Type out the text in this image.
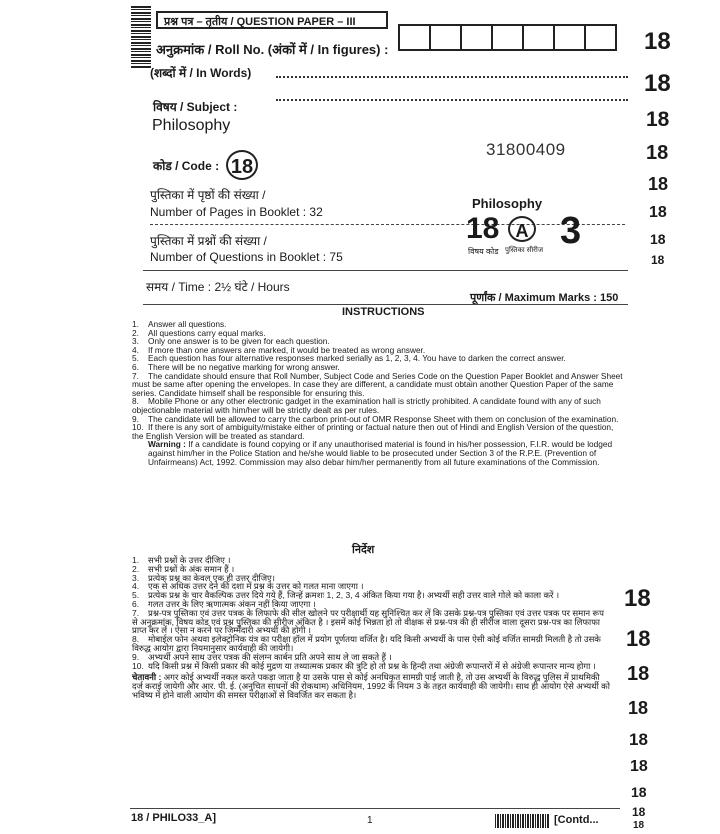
प्रश्न पत्र – तृतीय / QUESTION PAPER – III
अनुक्रमांक / Roll No. (अंकों में / In figures) :
(शब्दों में / In Words)
विषय / Subject :
Philosophy
31800409
कोड / Code : 18
पुस्तिका में पृष्ठों की संख्या /
Number of Pages in Booklet : 32
पुस्तिका में प्रश्नों की संख्या /
Number of Questions in Booklet : 75
Philosophy
18 A 3
विषय कोड पुस्तिका सीरीज
समय / Time : 2½ घंटे / Hours
पूर्णांक / Maximum Marks : 150
INSTRUCTIONS

1. Answer all questions.

2. All questions carry equal marks.

3. Only one answer is to be given for each question.

4. If more than one answers are marked, it would be treated as wrong answer.

5. Each question has four alternative responses marked serially as 1, 2, 3, 4. You have to darken the correct answer.

6. There will be no negative marking for wrong answer.

7. The candidate should ensure that Roll Number, Subject Code and Series Code on the Question Paper Booklet and Answer Sheet must be same after opening the envelopes. In case they are different, a candidate must obtain another Question Paper of the same series. Candidate himself shall be responsible for ensuring this.

8. Mobile Phone or any other electronic gadget in the examination hall is strictly prohibited. A candidate found with any of such objectionable material with him/her will be strictly dealt as per rules.

9. The candidate will be allowed to carry the carbon print-out of OMR Response Sheet with them on conclusion of the examination.

10. If there is any sort of ambiguity/mistake either of printing or factual nature then out of Hindi and English Version of the question, the English Version will be treated as standard.

Warning : If a candidate is found copying or if any unauthorised material is found in his/her possession, F.I.R. would be lodged against him/her in the Police Station and he/she would liable to be prosecuted under Section 3 of the R.P.E. (Prevention of Unfairmeans) Act, 1992. Commission may also debar him/her permanently from all future examinations of the Commission.

निर्देश

1. सभी प्रश्नों के उत्तर दीजिए ।

2. सभी प्रश्नों के अंक समान हैं ।

3. प्रत्येक प्रश्न का केवल एक ही उत्तर दीजिए।

4. एक से अधिक उत्तर देने की दशा में प्रश्न के उत्तर को गलत माना जाएगा ।

5. प्रत्येक प्रश्न के चार वैकल्पिक उत्तर दिये गये हैं, जिन्हें क्रमशः 1, 2, 3, 4 अंकित किया गया है। अभ्यर्थी सही उत्तर वाले गोले को काला करें ।

6. गलत उत्तर के लिए ऋणात्मक अंकन नहीं किया जाएगा ।

7. प्रश्न-पत्र पुस्तिका एवं उत्तर पत्रक के लिफाफे की सील खोलने पर परीक्षार्थी यह सुनिश्चित कर लें कि उसके प्रश्न-पत्र पुस्तिका एवं उत्तर पत्रक पर समान रूप से अनुक्रमांक, विषय कोड एवं प्रश्न पुस्तिका की सीरीज अंकित है । इसमें कोई भिन्नता हो तो वीक्षक से प्रश्न-पत्र की ही सीरीज वाला दूसरा प्रश्न-पत्र का लिफाफा प्राप्त कर लें । ऐसा न करने पर जिम्मेदारी अभ्यर्थी की होगी ।

8. मोबाईल फोन अथवा इलेक्ट्रोनिक यंत्र का परीक्षा हॉल में प्रयोग पूर्णतया वर्जित है। यदि किसी अभ्यर्थी के पास ऐसी कोई वर्जित सामग्री मिलती है तो उसके विरुद्ध आयोग द्वारा नियमानुसार कार्यवाही की जायेगी।

9. अभ्यर्थी अपने साथ उत्तर पत्रक की संलग्न कार्बन प्रति अपने साथ ले जा सकते हैं ।

10. यदि किसी प्रश्न में किसी प्रकार की कोई मुद्रण या तथ्यात्मक प्रकार की त्रुटि हो तो प्रश्न के हिन्दी तथा अंग्रेजी रूपान्तरों में से अंग्रेजी रूपान्तर मान्य होगा ।

चेतावनी : अगर कोई अभ्यर्थी नकल करते पकड़ा जाता है या उसके पास से कोई अनधिकृत सामग्री पाई जाती है, तो उस अभ्यर्थी के विरुद्ध पुलिस में प्राथमिकी दर्ज कराई जायेगी और आर. पी. ई. (अनुचित साधनों की रोकथाम) अधिनियम, 1992 के नियम 3 के तहत कार्यवाही की जायेगी। साथ ही आयोग ऐसे अभ्यर्थी को भविष्य में होने वाली आयोग की समस्त परीक्षाओं से विवर्जित कर सकता है।

18
18
18
18
18
18
18
18
18
18
18
18
18
18
18
18
18
18 / PHILO33_A]	1	[Contd...
